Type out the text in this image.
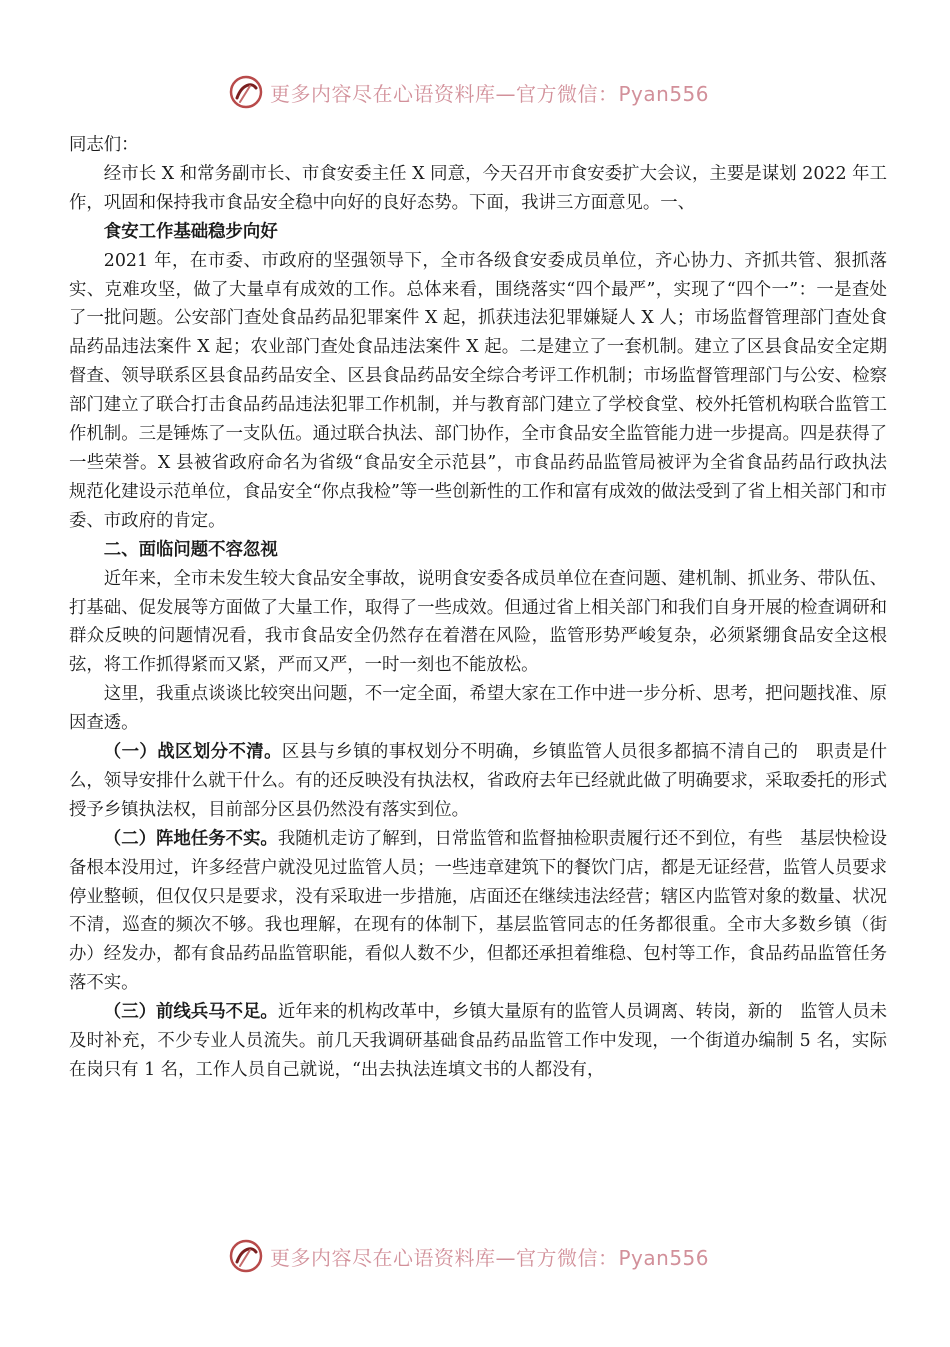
更多内容尽在心语资料库—官方微信：Pyan556

同志们：

经市长 X 和常务副市长、市食安委主任 X 同意，今天召开市食安委扩大会议，主要是谋划 2022 年工作，巩固和保持我市食品安全稳中向好的良好态势。下面，我讲三方面意见。一、

食安工作基础稳步向好

2021 年，在市委、市政府的坚强领导下，全市各级食安委成员单位，齐心协力、齐抓共管、狠抓落实、克难攻坚，做了大量卓有成效的工作。总体来看，围绕落实“四个最严”，实现了“四个一”：一是查处了一批问题。公安部门查处食品药品犯罪案件 X 起，抓获违法犯罪嫌疑人 X 人；市场监督管理部门查处食品药品违法案件 X 起；农业部门查处食品违法案件 X 起。二是建立了一套机制。建立了区县食品安全定期督查、领导联系区县食品药品安全、区县食品药品安全综合考评工作机制；市场监督管理部门与公安、检察部门建立了联合打击食品药品违法犯罪工作机制，并与教育部门建立了学校食堂、校外托管机构联合监管工作机制。三是锤炼了一支队伍。通过联合执法、部门协作，全市食品安全监管能力进一步提高。四是获得了一些荣誉。X 县被省政府命名为省级“食品安全示范县”，市食品药品监管局被评为全省食品药品行政执法规范化建设示范单位，食品安全“你点我检”等一些创新性的工作和富有成效的做法受到了省上相关部门和市委、市政府的肯定。

二、面临问题不容忽视

近年来，全市未发生较大食品安全事故，说明食安委各成员单位在查问题、建机制、抓业务、带队伍、打基础、促发展等方面做了大量工作，取得了一些成效。但通过省上相关部门和我们自身开展的检查调研和群众反映的问题情况看，我市食品安全仍然存在着潜在风险，监管形势严峻复杂，必须紧绷食品安全这根弦，将工作抓得紧而又紧，严而又严，一时一刻也不能放松。

这里，我重点谈谈比较突出问题，不一定全面，希望大家在工作中进一步分析、思考，把问题找准、原因查透。

（一）战区划分不清。区县与乡镇的事权划分不明确，乡镇监管人员很多都搞不清自己的　职责是什么，领导安排什么就干什么。有的还反映没有执法权，省政府去年已经就此做了明确要求，采取委托的形式授予乡镇执法权，目前部分区县仍然没有落实到位。

（二）阵地任务不实。我随机走访了解到，日常监管和监督抽检职责履行还不到位，有些　基层快检设备根本没用过，许多经营户就没见过监管人员；一些违章建筑下的餐饮门店，都是无证经营，监管人员要求停业整顿，但仅仅只是要求，没有采取进一步措施，店面还在继续违法经营；辖区内监管对象的数量、状况不清，巡查的频次不够。我也理解，在现有的体制下，基层监管同志的任务都很重。全市大多数乡镇（街办）经发办，都有食品药品监管职能，看似人数不少，但都还承担着维稳、包村等工作，食品药品监管任务落不实。

（三）前线兵马不足。近年来的机构改革中，乡镇大量原有的监管人员调离、转岗，新的　监管人员未及时补充，不少专业人员流失。前几天我调研基础食品药品监管工作中发现，一个街道办编制 5 名，实际在岗只有 1 名，工作人员自己就说，“出去执法连填文书的人都没有，

更多内容尽在心语资料库—官方微信：Pyan556
